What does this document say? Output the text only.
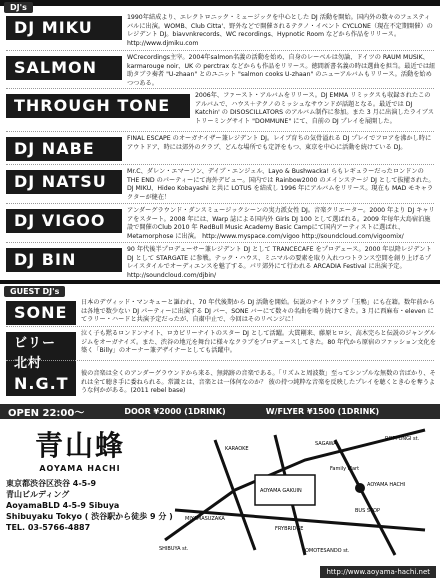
DJ's
DJ MIKU
1990年結成より、エレクトロニック・ミュージックを中心とした DJ 活動を開始。国内外の数々のフェスティバルに出演。WOMB、Club Citta'、野外などで開催されるテクノ・イベント CYCLONE（現在不定期開催）のレジデント DJ。biavvnkrecords、WC recordings、Hypnotic Room などから作品をリリース。 http://www.djmiku.com
SALMON
WCrecordings主宰。2004年salmon名義の活動を始め、自身のレーベルは勿論、ドイツの RAUM MUSIK、karmarouge noir、UK の perctrax などからも作品をリリース。徳間新書名義の時は選曲を担当。最近では紐助タブラ奏者 "U-zhaan" とのユニット "salmon cooks U-zhaan" のニューアルバムもリリース。活動を始めつつある。
THROUGH TONE
2006年、ファースト・アルバムをリリース。DJ EMMA リミックスも収録されたこのアルバムで、ハウス＋テクノのミッシュなサウンドが話題となる。最近では DJ Katchin' の DISOSCILLATORS のアルバム制作に参加。また 3 月に出演したライブストリーミングサイト "DOMMUNE" にて、自前の DJ プレイを展開した。
DJ NABE
FINAL ESCAPE のオーガナイザー兼レジデント DJ。レイブ育ちの気骨溢れる DJ プレイでフロアを沸かし時にアウトドア、時には郊外のクラブ、どんな場所でも定評をもつ、東京を中心に活動を続けている DJ。
DJ NATSU
Mr.C、ダレン・エマーソン、デイブ・エンジェル、Layo & Bushwacka! らもレギュラーだったロンドンの THE END のパーティーにて海外デビュー。国内では Rainbow2000 のメインステージ DJ として抜擢された。DJ MIKU、Hideo Kobayashi と共に LOTUS を結成し 1996 年にアルバムをリリース。現在も MAD モキャラクターが健在！
DJ VIGOO
アンダーグラウンド・ダンスミュージックシーンの実力派女性 DJ。音楽クリエーター。2000 年より DJ キャリアをスタート。2008 年には、Warp 誌による国内外 Girls DJ 100 として選ばれる。2009 年毎年大島宿泊施設で開催のClub 2010 年 RedBull Music Academy Basic Campにて国内アーティストに選ばれ、Metamorphose に出演。 http://www.myspace.com/vigoo http://soundcloud.com/vigoomix/
DJ BIN
90 年代後半プロデューサー兼レジデント DJ として TRANCECAFE をプロデュース。2000 年以降レジデント DJ として STARGATE に参戦。テック・ハウス、ミニマルの要素を取り入れつつトランス空間を創り上げるプレイスタイルでオーディエンスを魅了する。パリ郊外にて行われる ARCADIA Festival に出演予定。 http://soundcloud.com/djbin/
GUEST DJ's
SONE
日本のデヴィッド・マンキューと謳われ、70 年代後期から DJ 活動を開始。伝説のナイトクラブ「玉鴨」にも在籍。数年前からは各地で数少ない DJ パーティーに出演する DJ バー、SONE バーにて数々の名曲を鳴り続けてきた。3 月に西麻布・eleven にてラリー・ハードと共演予定だったが、自粛中止で、今回はそのリベンジに！
ビリー北村
泣く子も黙るロンドンナイト、ロカビリーナイトのスター DJ として活躍。大貫剛来、藤原ヒロシ、高木完らと伝説のジャングルジムをオーガナイズ。また、渋谷の地元を舞台に様々なクラブをプロデュースしてきた。80 年代から原宿のファッション文化を築く「Billy」のオーナー兼デザイナーとしても活躍中。
N.G.T
彼の音楽は全くのアンダーグラウンドから来る、無銘跡の音楽である。「リズムと周波数」至ってシンプルな無数の音ばかり、それは全て聴き手に委ねられる。常識とは、音楽とは一体何なのか？ 彼の持つ純粋な音楽を反映したプレイを聴くとき心を奪うような何かがある。(2011 rebel base)
OPEN 22:00～	DOOR ¥2000 (1DRINK)	W/FLYER ¥1500 (1DRINK)
青山蜂
AOYAMA HACHI
東京都渋谷区渋谷 4-5-9
青山ビルディング
AoyamaBLD 4-5-9 Sibuya
Shibuyaku Tokyo ( 渋谷駅から徒歩 9 分 )
TEL. 03-5766-4887
AOYAMA GAKUIN
MIYAMASUZAKA
SHIBUYA st.	OMOTESANDO st.
AOYAMA HACHI
BUS STOP
Family Mart
ROPPONGI st.
KARAOKE
SAGAWA
FRYBRIDGE
http://www.aoyama-hachi.net
